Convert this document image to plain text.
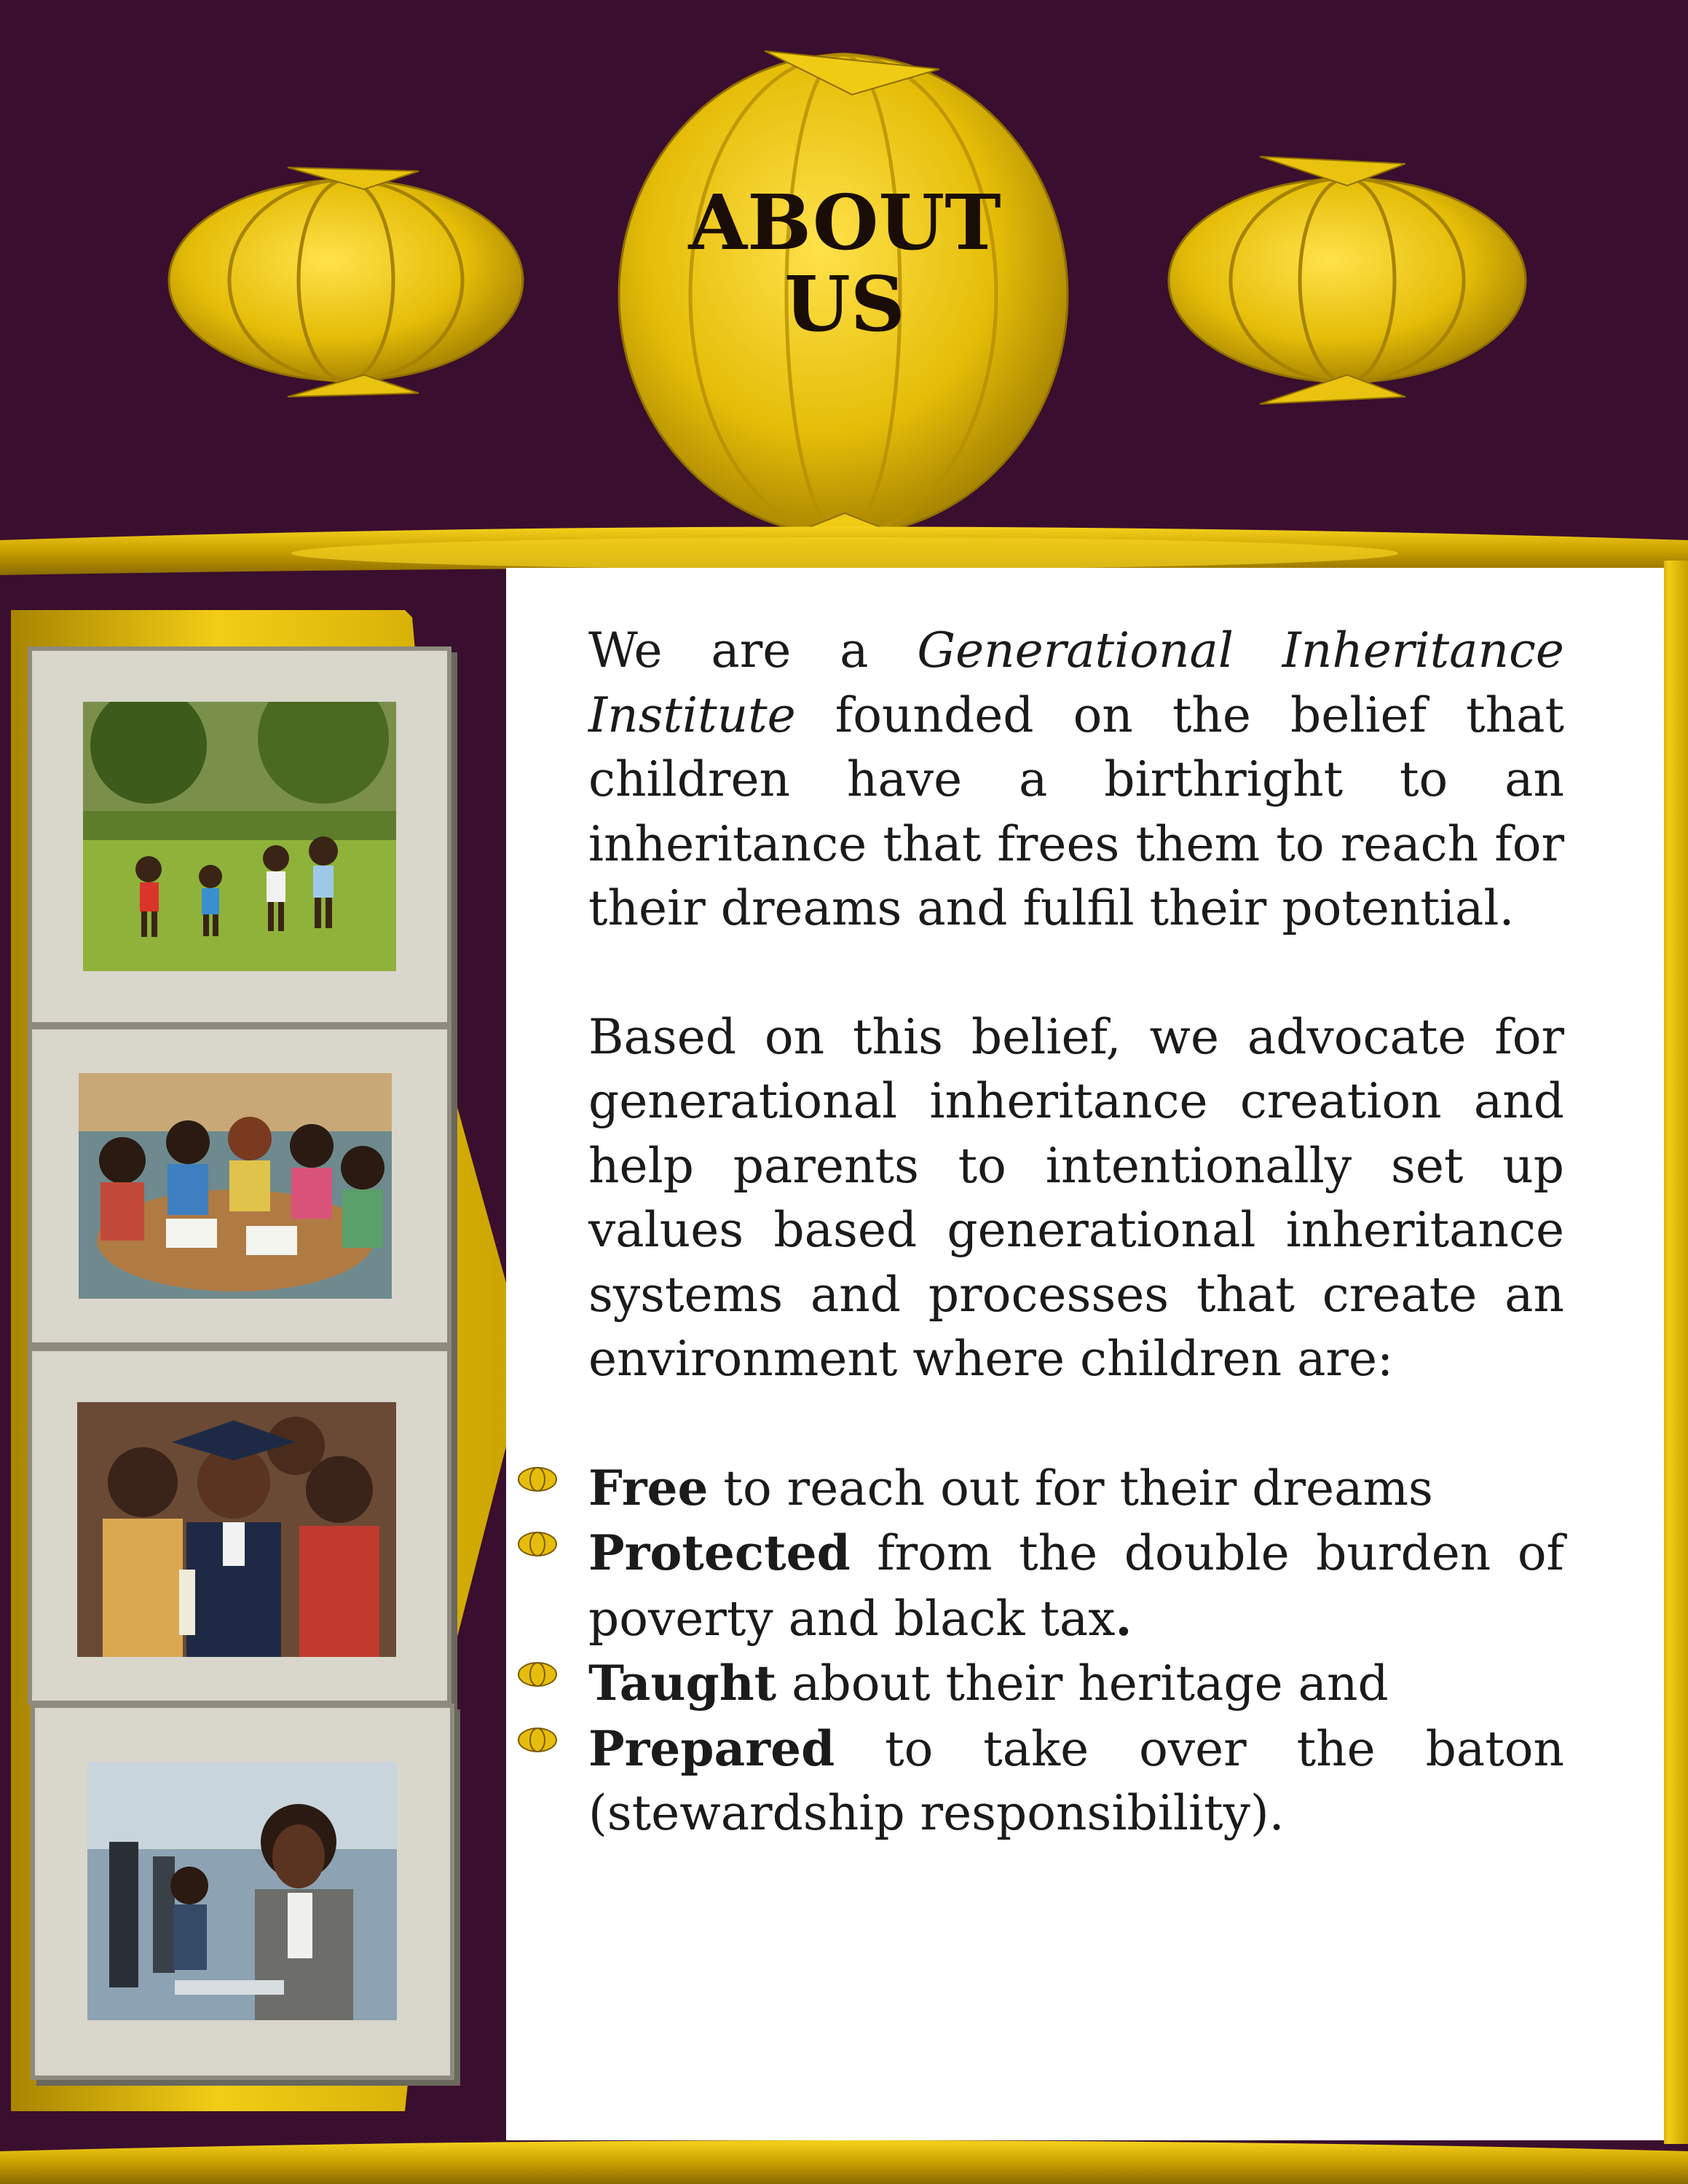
ABOUT
US

We are a Generational Inheritance Institute founded on the belief that children have a birthright to an inheritance that frees them to reach for their dreams and fulfil their potential.

Based on this belief, we advocate for generational inheritance creation and help parents to intentionally set up values based generational inheritance systems and processes that create an environment where children are:

Free to reach out for their dreams
Protected from the double burden of poverty and black tax.
Taught about their heritage and
Prepared to take over the baton (stewardship responsibility).
